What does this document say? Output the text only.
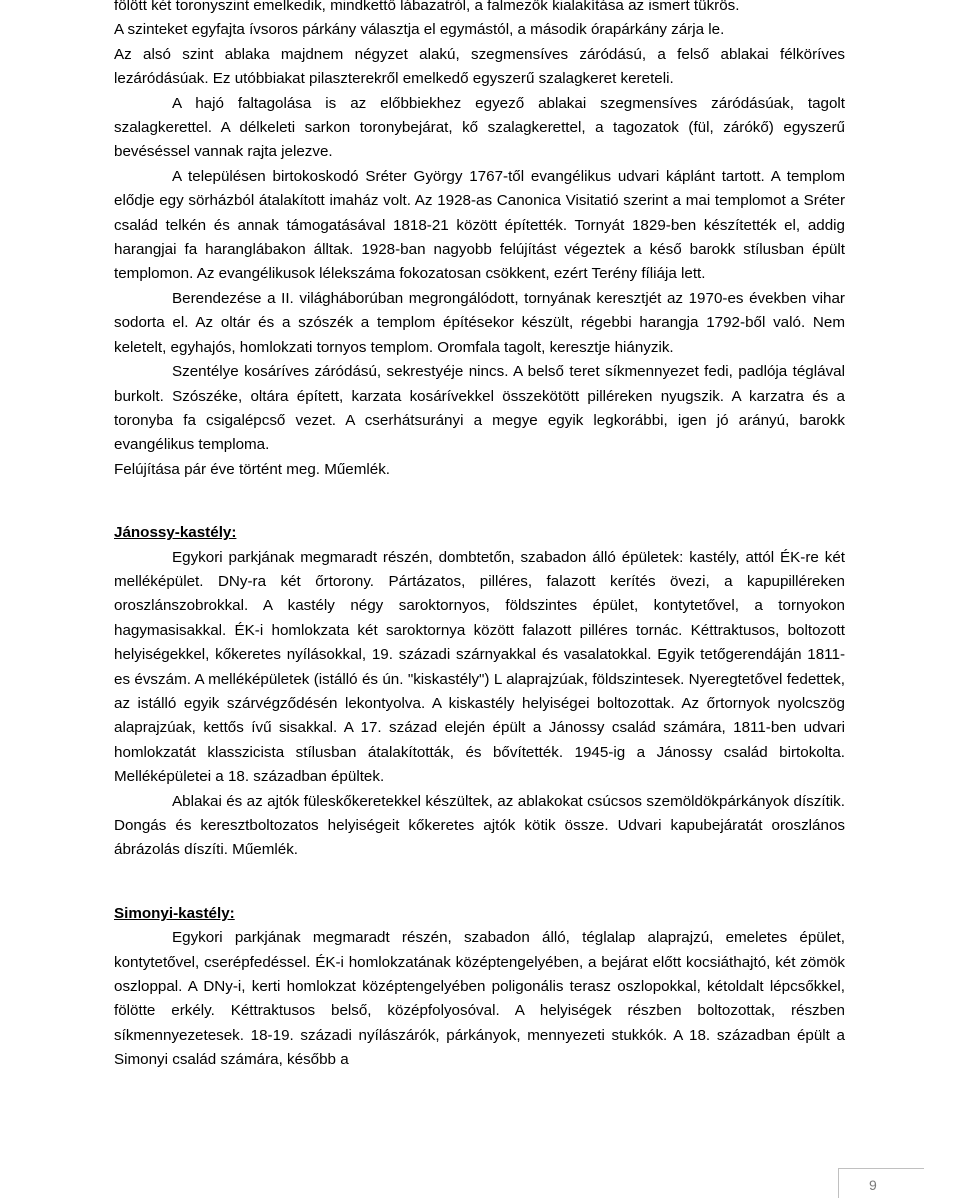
fölött két toronyszint emelkedik, mindkettő lábazatról, a falmezők kialakítása az ismert tükrös.

A szinteket egyfajta ívsoros párkány választja el egymástól, a második órapárkány zárja le.

Az alsó szint ablaka majdnem négyzet alakú, szegmensíves záródású, a felső ablakai félköríves lezáródásúak. Ez utóbbiakat pilaszterekről emelkedő egyszerű szalagkeret kereteli.

A hajó faltagolása is az előbbiekhez egyező ablakai szegmensíves záródásúak, tagolt szalagkerettel. A délkeleti sarkon toronybejárat, kő szalagkerettel, a tagozatok (fül, zárókő) egyszerű bevéséssel vannak rajta jelezve.

A településen birtokoskodó Sréter György 1767-től evangélikus udvari káplánt tartott. A templom elődje egy sörházból átalakított imaház volt. Az 1928-as Canonica Visitatió szerint a mai templomot a Sréter család telkén és annak támogatásával 1818-21 között építették. Tornyát 1829-ben készítették el, addig harangjai fa haranglábakon álltak. 1928-ban nagyobb felújítást végeztek a késő barokk stílusban épült templomon. Az evangélikusok lélekszáma fokozatosan csökkent, ezért Terény fíliája lett.

Berendezése a II. világháborúban megrongálódott, tornyának keresztjét az 1970-es években vihar sodorta el. Az oltár és a szószék a templom építésekor készült, régebbi harangja 1792-ből való. Nem keletelt, egyhajós, homlokzati tornyos templom. Oromfala tagolt, keresztje hiányzik.

Szentélye kosáríves záródású, sekrestyéje nincs. A belső teret síkmennyezet fedi, padlója téglával burkolt. Szószéke, oltára épített, karzata kosárívekkel összekötött pilléreken nyugszik. A karzatra és a toronyba fa csigalépcső vezet. A cserhátsurányi a megye egyik legkorábbi, igen jó arányú, barokk evangélikus temploma.

Felújítása pár éve történt meg. Műemlék.

Jánossy-kastély:

Egykori parkjának megmaradt részén, dombtetőn, szabadon álló épületek: kastély, attól ÉK-re két melléképület. DNy-ra két őrtorony. Pártázatos, pilléres, falazott kerítés övezi, a kapupilléreken oroszlánszobrokkal. A kastély négy saroktornyos, földszintes épület, kontytetővel, a tornyokon hagymasisakkal. ÉK-i homlokzata két saroktornya között falazott pilléres tornác. Kéttraktusos, boltozott helyiségekkel, kőkeretes nyílásokkal, 19. századi szárnyakkal és vasalatokkal. Egyik tetőgerendáján 1811-es évszám. A melléképületek (istálló és ún. "kiskastély") L alaprajzúak, földszintesek. Nyeregtetővel fedettek, az istálló egyik szárvégződésén lekontyolva. A kiskastély helyiségei boltozottak. Az őrtornyok nyolcszög alaprajzúak, kettős ívű sisakkal. A 17. század elején épült a Jánossy család számára, 1811-ben udvari homlokzatát klasszicista stílusban átalakították, és bővítették. 1945-ig a Jánossy család birtokolta. Melléképületei a 18. században épültek.

Ablakai és az ajtók füleskőkeretekkel készültek, az ablakokat csúcsos szemöldökpárkányok díszítik. Dongás és keresztboltozatos helyiségeit kőkeretes ajtók kötik össze. Udvari kapubejáratát oroszlános ábrázolás díszíti. Műemlék.

Simonyi-kastély:

Egykori parkjának megmaradt részén, szabadon álló, téglalap alaprajzú, emeletes épület, kontytetővel, cserépfedéssel. ÉK-i homlokzatának középtengelyében, a bejárat előtt kocsiáthajtó, két zömök oszloppal. A DNy-i, kerti homlokzat középtengelyében poligonális terasz oszlopokkal, kétoldalt lépcsőkkel, fölötte erkély. Kéttraktusos belső, középfolyosóval. A helyiségek részben boltozottak, részben síkmennyezetesek. 18-19. századi nyílászárók, párkányok, mennyezeti stukkók. A 18. században épült a Simonyi család számára, később a

9
